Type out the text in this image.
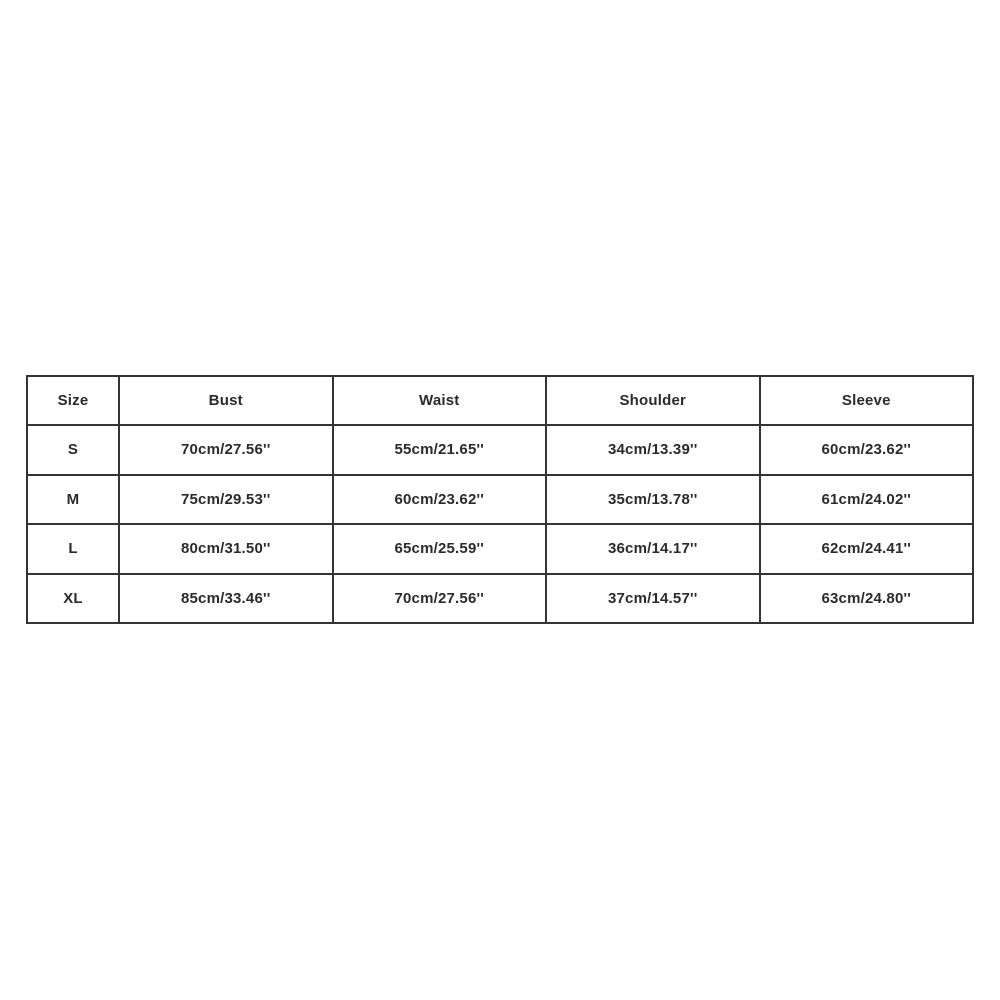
Size	Bust	Waist	Shoulder	Sleeve
S	70cm/27.56''	55cm/21.65''	34cm/13.39''	60cm/23.62''
M	75cm/29.53''	60cm/23.62''	35cm/13.78''	61cm/24.02''
L	80cm/31.50''	65cm/25.59''	36cm/14.17''	62cm/24.41''
XL	85cm/33.46''	70cm/27.56''	37cm/14.57''	63cm/24.80''
